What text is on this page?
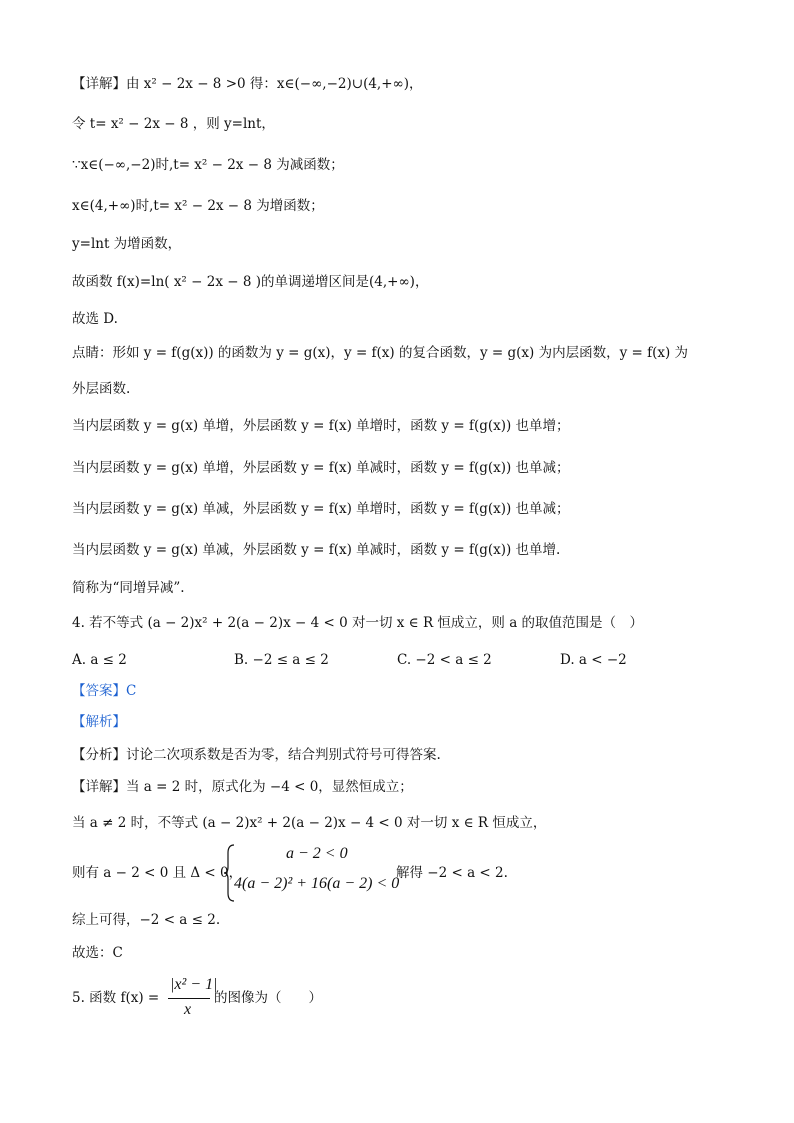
【详解】由 x² − 2x − 8 >0 得：x∈(−∞,−2)∪(4,+∞)，
令 t= x² − 2x − 8 ，则 y=lnt，
∵x∈(−∞,−2)时,t= x² − 2x − 8 为减函数；
x∈(4,+∞)时,t= x² − 2x − 8 为增函数；
y=lnt 为增函数，
故函数 f(x)=ln( x² − 2x − 8 )的单调递增区间是(4,+∞)，
故选 D.
点睛：形如 y = f(g(x)) 的函数为 y = g(x)，y = f(x) 的复合函数，y = g(x) 为内层函数，y = f(x) 为
外层函数.
当内层函数 y = g(x) 单增，外层函数 y = f(x) 单增时，函数 y = f(g(x)) 也单增；
当内层函数 y = g(x) 单增，外层函数 y = f(x) 单减时，函数 y = f(g(x)) 也单减；
当内层函数 y = g(x) 单减，外层函数 y = f(x) 单增时，函数 y = f(g(x)) 也单减；
当内层函数 y = g(x) 单减，外层函数 y = f(x) 单减时，函数 y = f(g(x)) 也单增.
简称为“同增异减”.
4. 若不等式 (a − 2)x² + 2(a − 2)x − 4 < 0 对一切 x ∈ R 恒成立，则 a 的取值范围是（　）
A. a ≤ 2	B. −2 ≤ a ≤ 2	C. −2 < a ≤ 2	D. a < −2
【答案】C
【解析】
【分析】讨论二次项系数是否为零，结合判别式符号可得答案.
【详解】当 a = 2 时，原式化为 −4 < 0，显然恒成立；
当 a ≠ 2 时，不等式 (a − 2)x² + 2(a − 2)x − 4 < 0 对一切 x ∈ R 恒成立，
则有 a − 2 < 0 且 Δ < 0，
a − 2 < 0
4(a − 2)² + 16(a − 2) < 0
解得 −2 < a < 2.
综上可得，−2 < a ≤ 2.
故选：C
5. 函数 f(x) =
|x² − 1|
x
的图像为（　　）
